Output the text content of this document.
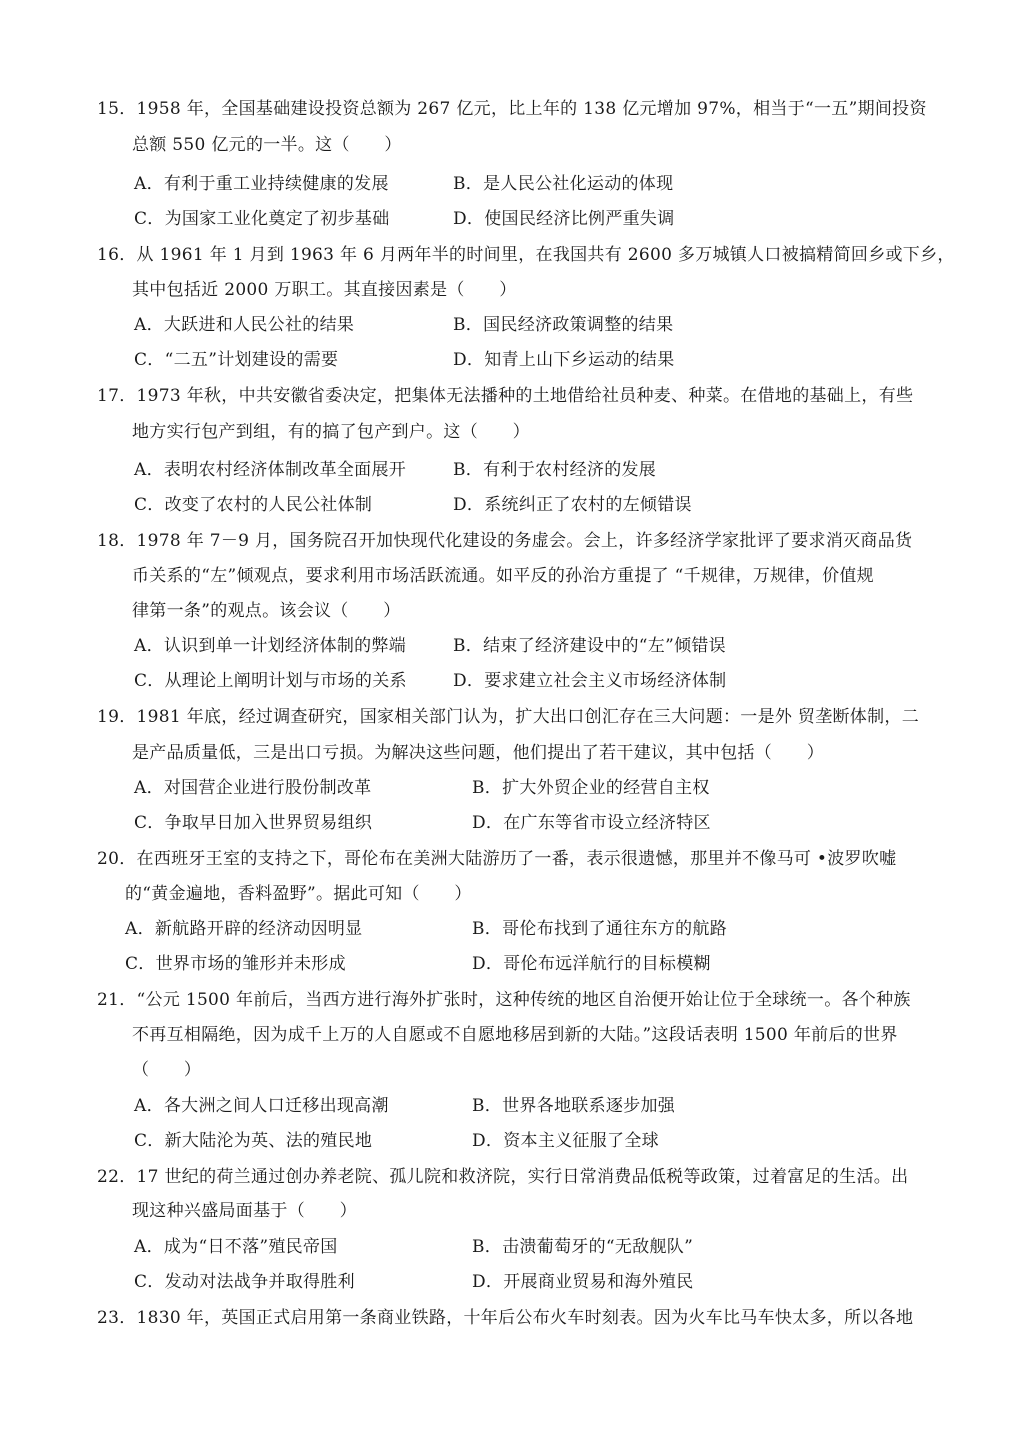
15．1958 年，全国基础建设投资总额为 267 亿元，比上年的 138 亿元增加 97%，相当于“一五”期间投资
总额 550 亿元的一半。这（　　）
A．有利于重工业持续健康的发展	B．是人民公社化运动的体现
C．为国家工业化奠定了初步基础	D．使国民经济比例严重失调
16．从 1961 年 1 月到 1963 年 6 月两年半的时间里，在我国共有 2600 多万城镇人口被搞精简回乡或下乡，
其中包括近 2000 万职工。其直接因素是（　　）
A．大跃进和人民公社的结果	B．国民经济政策调整的结果
C．“二五”计划建设的需要	D．知青上山下乡运动的结果
17．1973 年秋，中共安徽省委决定，把集体无法播种的土地借给社员种麦、种菜。在借地的基础上，有些
地方实行包产到组，有的搞了包产到户。这（　　）
A．表明农村经济体制改革全面展开	B．有利于农村经济的发展
C．改变了农村的人民公社体制	D．系统纠正了农村的左倾错误
18．1978 年 7－9 月，国务院召开加快现代化建设的务虚会。会上，许多经济学家批评了要求消灭商品货
币关系的“左”倾观点，要求利用市场活跃流通。如平反的孙治方重提了 “千规律，万规律，价值规
律第一条”的观点。该会议（　　）
A．认识到单一计划经济体制的弊端	B．结束了经济建设中的“左”倾错误
C．从理论上阐明计划与市场的关系	D．要求建立社会主义市场经济体制
19．1981 年底，经过调查研究，国家相关部门认为，扩大出口创汇存在三大问题：一是外 贸垄断体制，二
是产品质量低，三是出口亏损。为解决这些问题，他们提出了若干建议，其中包括（　　）
A．对国营企业进行股份制改革	B．扩大外贸企业的经营自主权
C．争取早日加入世界贸易组织	D．在广东等省市设立经济特区
20．在西班牙王室的支持之下，哥伦布在美洲大陆游历了一番，表示很遗憾，那里并不像马可 •波罗吹嘘
的“黄金遍地，香料盈野”。据此可知（　　）
A．新航路开辟的经济动因明显	B．哥伦布找到了通往东方的航路
C．世界市场的雏形并未形成	D．哥伦布远洋航行的目标模糊
21．“公元 1500 年前后，当西方进行海外扩张时，这种传统的地区自治便开始让位于全球统一。各个种族
不再互相隔绝，因为成千上万的人自愿或不自愿地移居到新的大陆。”这段话表明 1500 年前后的世界
（　　）
A．各大洲之间人口迁移出现高潮	B．世界各地联系逐步加强
C．新大陆沦为英、法的殖民地	D．资本主义征服了全球
22．17 世纪的荷兰通过创办养老院、孤儿院和救济院，实行日常消费品低税等政策，过着富足的生活。出
现这种兴盛局面基于（　　）
A．成为“日不落”殖民帝国	B．击溃葡萄牙的“无敌舰队”
C．发动对法战争并取得胜利	D．开展商业贸易和海外殖民
23．1830 年，英国正式启用第一条商业铁路，十年后公布火车时刻表。因为火车比马车快太多，所以各地
